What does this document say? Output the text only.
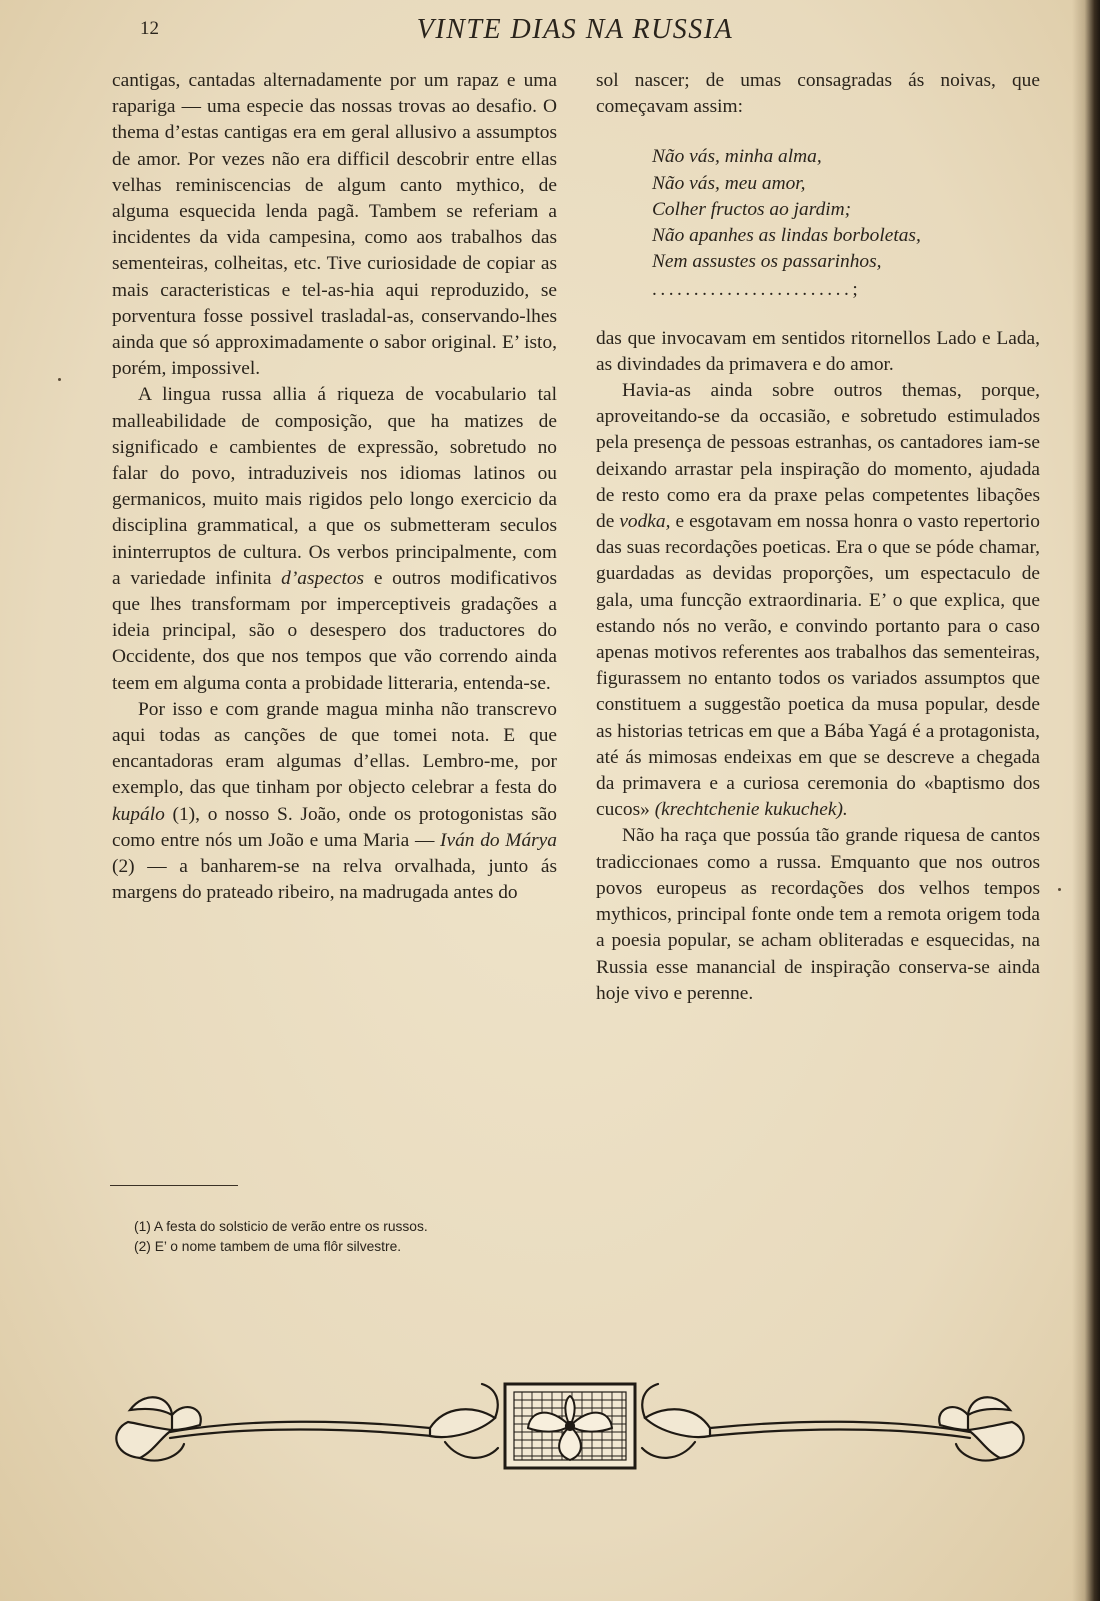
12	VINTE DIAS NA RUSSIA

cantigas, cantadas alternadamente por um rapaz e uma rapariga — uma especie das nossas trovas ao desafio. O thema d’estas cantigas era em geral allusivo a assumptos de amor. Por vezes não era difficil descobrir entre ellas velhas reminiscencias de algum canto mythico, de alguma esquecida lenda pagã. Tambem se referiam a incidentes da vida campesina, como aos trabalhos das sementeiras, colheitas, etc. Tive curiosidade de copiar as mais caracteristicas e tel-as-hia aqui reproduzido, se porventura fosse possivel trasladal-as, conservando-lhes ainda que só approximadamente o sabor original. E’ isto, porém, impossivel.

A lingua russa allia á riqueza de vocabulario tal malleabilidade de composição, que ha matizes de significado e cambientes de expressão, sobretudo no falar do povo, intraduziveis nos idiomas latinos ou germanicos, muito mais rigidos pelo longo exercicio da disciplina grammatical, a que os submetteram seculos ininterruptos de cultura. Os verbos principalmente, com a variedade infinita d’aspectos e outros modificativos que lhes transformam por imperceptiveis gradações a ideia principal, são o desespero dos traductores do Occidente, dos que nos tempos que vão correndo ainda teem em alguma conta a probidade litteraria, entenda-se.

Por isso e com grande magua minha não transcrevo aqui todas as canções de que tomei nota. E que encantadoras eram algumas d’ellas. Lembro-me, por exemplo, das que tinham por objecto celebrar a festa do kupálo (1), o nosso S. João, onde os protogonistas são como entre nós um João e uma Maria — Iván do Márya (2) — a banharem-se na relva orvalhada, junto ás margens do prateado ribeiro, na madrugada antes do

(1) A festa do solsticio de verão entre os russos.
(2) E’ o nome tambem de uma flôr silvestre.

sol nascer; de umas consagradas ás noivas, que começavam assim:

Não vás, minha alma,
Não vás, meu amor,
Colher fructos ao jardim;
Não apanhes as lindas borboletas,
Nem assustes os passarinhos,
........................;

das que invocavam em sentidos ritornellos Lado e Lada, as divindades da primavera e do amor.

Havia-as ainda sobre outros themas, porque, aproveitando-se da occasião, e sobretudo estimulados pela presença de pessoas estranhas, os cantadores iam-se deixando arrastar pela inspiração do momento, ajudada de resto como era da praxe pelas competentes libações de vodka, e esgotavam em nossa honra o vasto repertorio das suas recordações poeticas. Era o que se póde chamar, guardadas as devidas proporções, um espectaculo de gala, uma funcção extraordinaria. E’ o que explica, que estando nós no verão, e convindo portanto para o caso apenas motivos referentes aos trabalhos das sementeiras, figurassem no entanto todos os variados assumptos que constituem a suggestão poetica da musa popular, desde as historias tetricas em que a Bába Yagá é a protagonista, até ás mimosas endeixas em que se descreve a chegada da primavera e a curiosa ceremonia do «baptismo dos cucos» (krechtchenie kukuchek).

Não ha raça que possúa tão grande riquesa de cantos tradiccionaes como a russa. Emquanto que nos outros povos europeus as recordações dos velhos tempos mythicos, principal fonte onde tem a remota origem toda a poesia popular, se acham obliteradas e esquecidas, na Russia esse manancial de inspiração conserva-se ainda hoje vivo e perenne.
